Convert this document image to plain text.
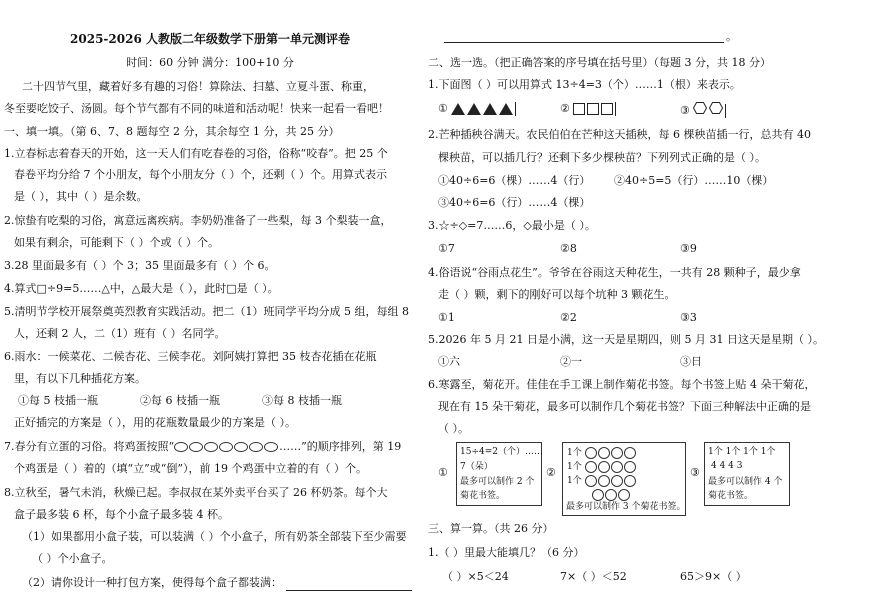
2025-2026 人教版二年级数学下册第一单元测评卷
时间：60 分钟 满分：100+10 分
二十四节气里，藏着好多有趣的习俗！算除法、扫墓、立夏斗蛋、称重，
冬至要吃饺子、汤圆。每个节气都有不同的味道和活动呢！快来一起看一看吧！
一、填一填。（第 6、7、8 题每空 2 分，其余每空 1 分，共 25 分）
1.立春标志着春天的开始，这一天人们有吃春卷的习俗，俗称“咬春”。把 25 个
春卷平均分给 7 个小朋友，每个小朋友分（ ）个，还剩（ ）个。用算式表示
是（ ），其中（ ）是余数。
2.惊蛰有吃梨的习俗，寓意远离疾病。李奶奶准备了一些梨，每 3 个梨装一盒，
如果有剩余，可能剩下（ ）个或（ ）个。
3.28 里面最多有（ ）个 3；35 里面最多有（ ）个 6。
4.算式□÷9=5……△中，△最大是（ ），此时□是（ ）。
5.清明节学校开展祭奠英烈教育实践活动。把二（1）班同学平均分成 5 组，每组 8
人，还剩 2 人，二（1）班有（ ）名同学。
6.雨水：一候菜花、二候杏花、三候李花。刘阿姨打算把 35 枝杏花插在花瓶
里，有以下几种插花方案。
①每 5 枝插一瓶	②每 6 枝插一瓶	③每 8 枝插一瓶
正好插完的方案是（ ），用的花瓶数量最少的方案是（ ）。
7.春分有立蛋的习俗。将鸡蛋按照“	……”的顺序排列，第 19
个鸡蛋是（ ）着的（填“立”或“倒”），前 19 个鸡蛋中立着的有（ ）个。
8.立秋至，暑气未消，秋燥已起。李叔叔在某外卖平台买了 26 杯奶茶。每个大
盒子最多装 6 杯，每个小盒子最多装 4 杯。
（1）如果都用小盒子装，可以装满（ ）个小盒子，所有奶茶全部装下至少需要
（ ）个小盒子。
（2）请你设计一种打包方案，使得每个盒子都装满：
。
二、选一选。（把正确答案的序号填在括号里）（每题 3 分，共 18 分）
1.下面图（ ）可以用算式 13÷4=3（个）……1（根）来表示。
①	②	③
2.芒种插秧谷满天。农民伯伯在芒种这天插秧，每 6 棵秧苗插一行，总共有 40
棵秧苗，可以插几行？还剩下多少棵秧苗？下列列式正确的是（ ）。
①40÷6=6（棵）……4（行） ②40÷5=5（行）……10（棵）
③40÷6=6（行）……4（棵）
3.☆÷◇=7……6，◇最小是（ ）。
①7	②8	③9
4.俗语说“谷雨点花生”。爷爷在谷雨这天种花生，一共有 28 颗种子，最少拿
走（ ）颗，剩下的刚好可以每个坑种 3 颗花生。
①1	②2	③3
5.2026 年 5 月 21 日是小满，这一天是星期四，则 5 月 31 日这天是星期（ ）。
①六	②一	③日
6.寒露至，菊花开。佳佳在手工课上制作菊花书签。每个书签上贴 4 朵干菊花，
现在有 15 朵干菊花，最多可以制作几个菊花书签？下面三种解法中正确的是
（ ）。
①
15÷4=2（个）……
7（朵）
最多可以制作 2 个
菊花书签。
②
1个
1个
1个
最多可以制作 3 个菊花书签。
③
1个 1个 1个 1个
4 4 4 3
最多可以制作 4 个
菊花书签。
三、算一算。（共 26 分）
1.（ ）里最大能填几？（6 分）
（ ）×5＜24	7×（ ）＜52	65＞9×（ ）
